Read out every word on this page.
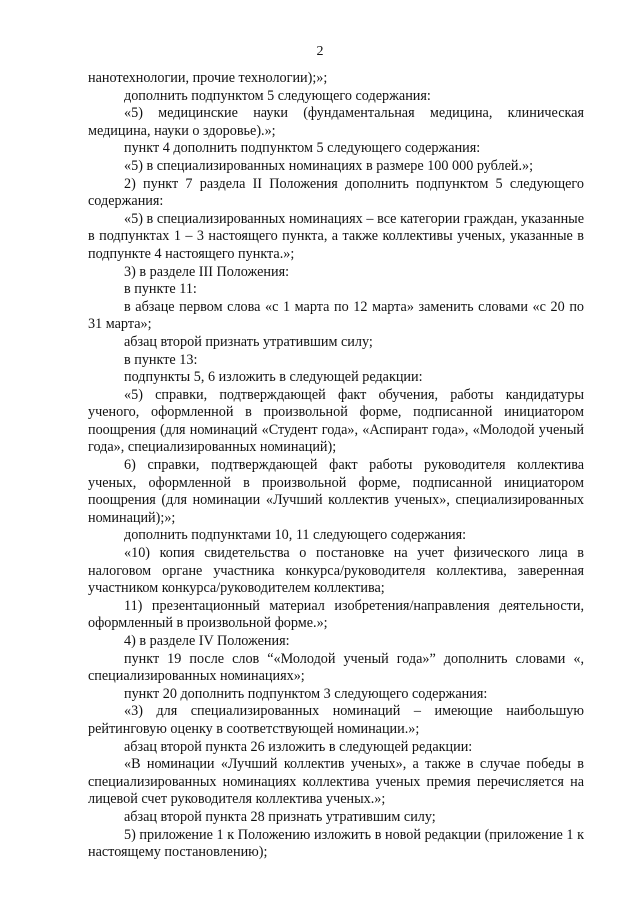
2

нанотехнологии, прочие технологии);»;

дополнить подпунктом 5 следующего содержания:

«5) медицинские науки (фундаментальная медицина, клиническая медицина, науки о здоровье).»;

пункт 4 дополнить подпунктом 5 следующего содержания:

«5) в специализированных номинациях в размере 100 000 рублей.»;

2) пункт 7 раздела II Положения дополнить подпунктом 5 следующего содержания:

«5) в специализированных номинациях – все категории граждан, указанные в подпунктах 1 – 3 настоящего пункта, а также коллективы ученых, указанные в подпункте 4 настоящего пункта.»;

3) в разделе III Положения:

в пункте 11:

в абзаце первом слова «с 1 марта по 12 марта» заменить словами «с 20 по 31 марта»;

абзац второй признать утратившим силу;

в пункте 13:

подпункты 5, 6 изложить в следующей редакции:

«5) справки, подтверждающей факт обучения, работы кандидатуры ученого, оформленной в произвольной форме, подписанной инициатором поощрения (для номинаций «Студент года», «Аспирант года», «Молодой ученый года», специализированных номинаций);

6) справки, подтверждающей факт работы руководителя коллектива ученых, оформленной в произвольной форме, подписанной инициатором поощрения (для номинации «Лучший коллектив ученых», специализированных номинаций);»;

дополнить подпунктами 10, 11 следующего содержания:

«10) копия свидетельства о постановке на учет физического лица в налоговом органе участника конкурса/руководителя коллектива, заверенная участником конкурса/руководителем коллектива;

11) презентационный материал изобретения/направления деятельности, оформленный в произвольной форме.»;

4) в разделе IV Положения:

пункт 19 после слов “«Молодой ученый года»” дополнить словами «, специализированных номинациях»;

пункт 20 дополнить подпунктом 3 следующего содержания:

«3) для специализированных номинаций – имеющие наибольшую рейтинговую оценку в соответствующей номинации.»;

абзац второй пункта 26 изложить в следующей редакции:

«В номинации «Лучший коллектив ученых», а также в случае победы в специализированных номинациях коллектива ученых премия перечисляется на лицевой счет руководителя коллектива ученых.»;

абзац второй пункта 28 признать утратившим силу;

5) приложение 1 к Положению изложить в новой редакции (приложение 1 к настоящему постановлению);
